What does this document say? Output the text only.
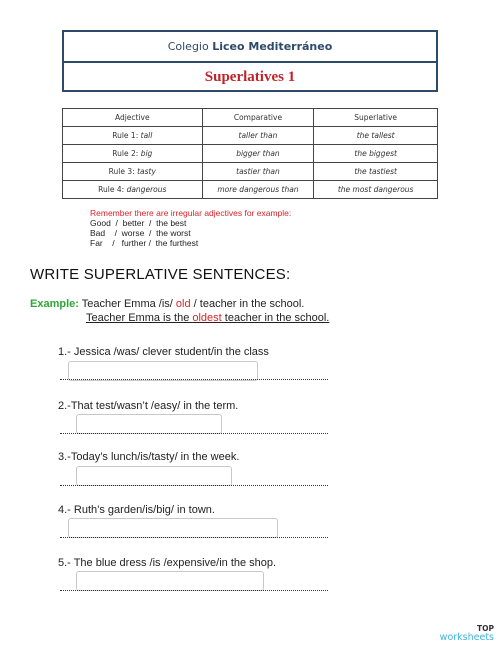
Colegio Liceo Mediterráneo
Superlatives 1
Adjective	Comparative	Superlative
Rule 1: tall	taller than	the tallest
Rule 2: big	bigger than	the biggest
Rule 3: tasty	tastier than	the tastiest
Rule 4: dangerous	more dangerous than	the most dangerous
Remember there are irregular adjectives for example:
Good  /  better  /  the best
Bad    /  worse  /  the worst
Far    /   further /  the furthest
WRITE SUPERLATIVE SENTENCES:
Example: Teacher Emma /is/ old / teacher in the school.
Teacher Emma is the oldest teacher in the school.
1.- Jessica /was/ clever student/in the class
2.-That test/wasn’t /easy/ in the term.
3.-Today’s lunch/is/tasty/ in the week.
4.- Ruth’s garden/is/big/ in town.
5.- The blue dress /is /expensive/in the shop.
TOP
worksheets
